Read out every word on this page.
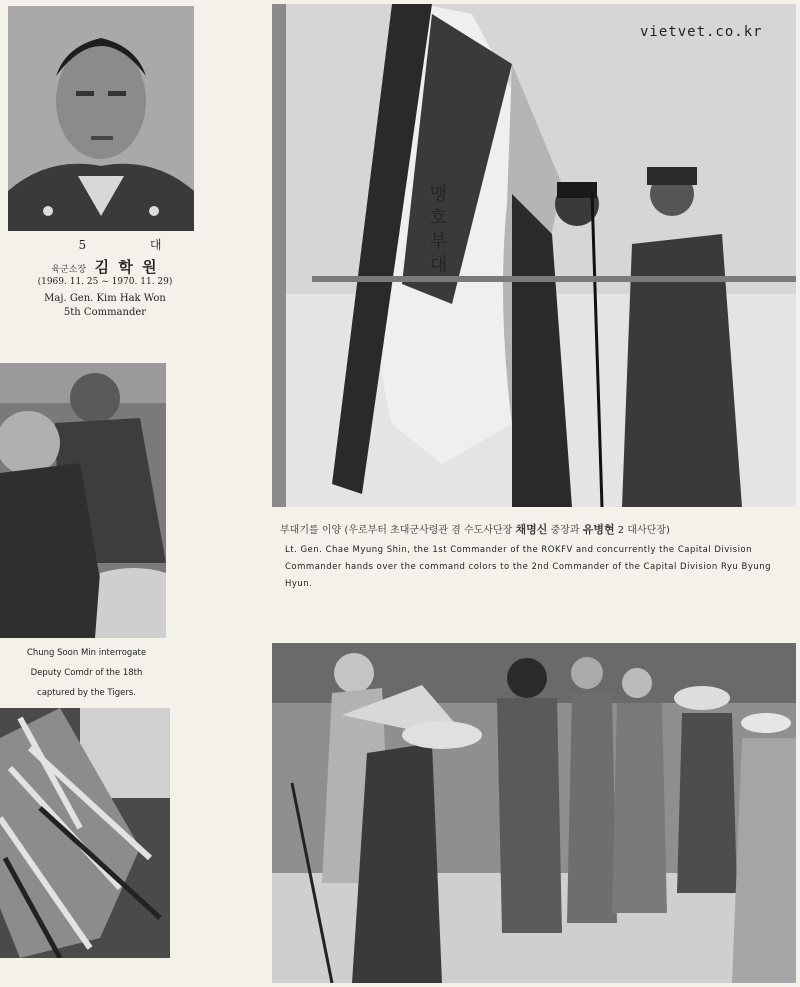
5 대
육군소장 김 학 원
(1969. 11. 25 ~ 1970. 11. 29)
Maj. Gen. Kim Hak Won
5th Commander
맹 호 부 대
vietvet.co.kr
부대기를 이양 (우로부터 초대군사령관 겸 수도사단장 채명신 중장과 유병현 2 대사단장)
Lt. Gen. Chae Myung Shin, the 1st Commander of the ROKFV and concurrently the Capital Division Commander hands over the command colors to the 2nd Commander of the Capital Division Ryu Byung Hyun.
Chung Soon Min interrogate
Deputy Comdr of the 18th
captured by the Tigers.
